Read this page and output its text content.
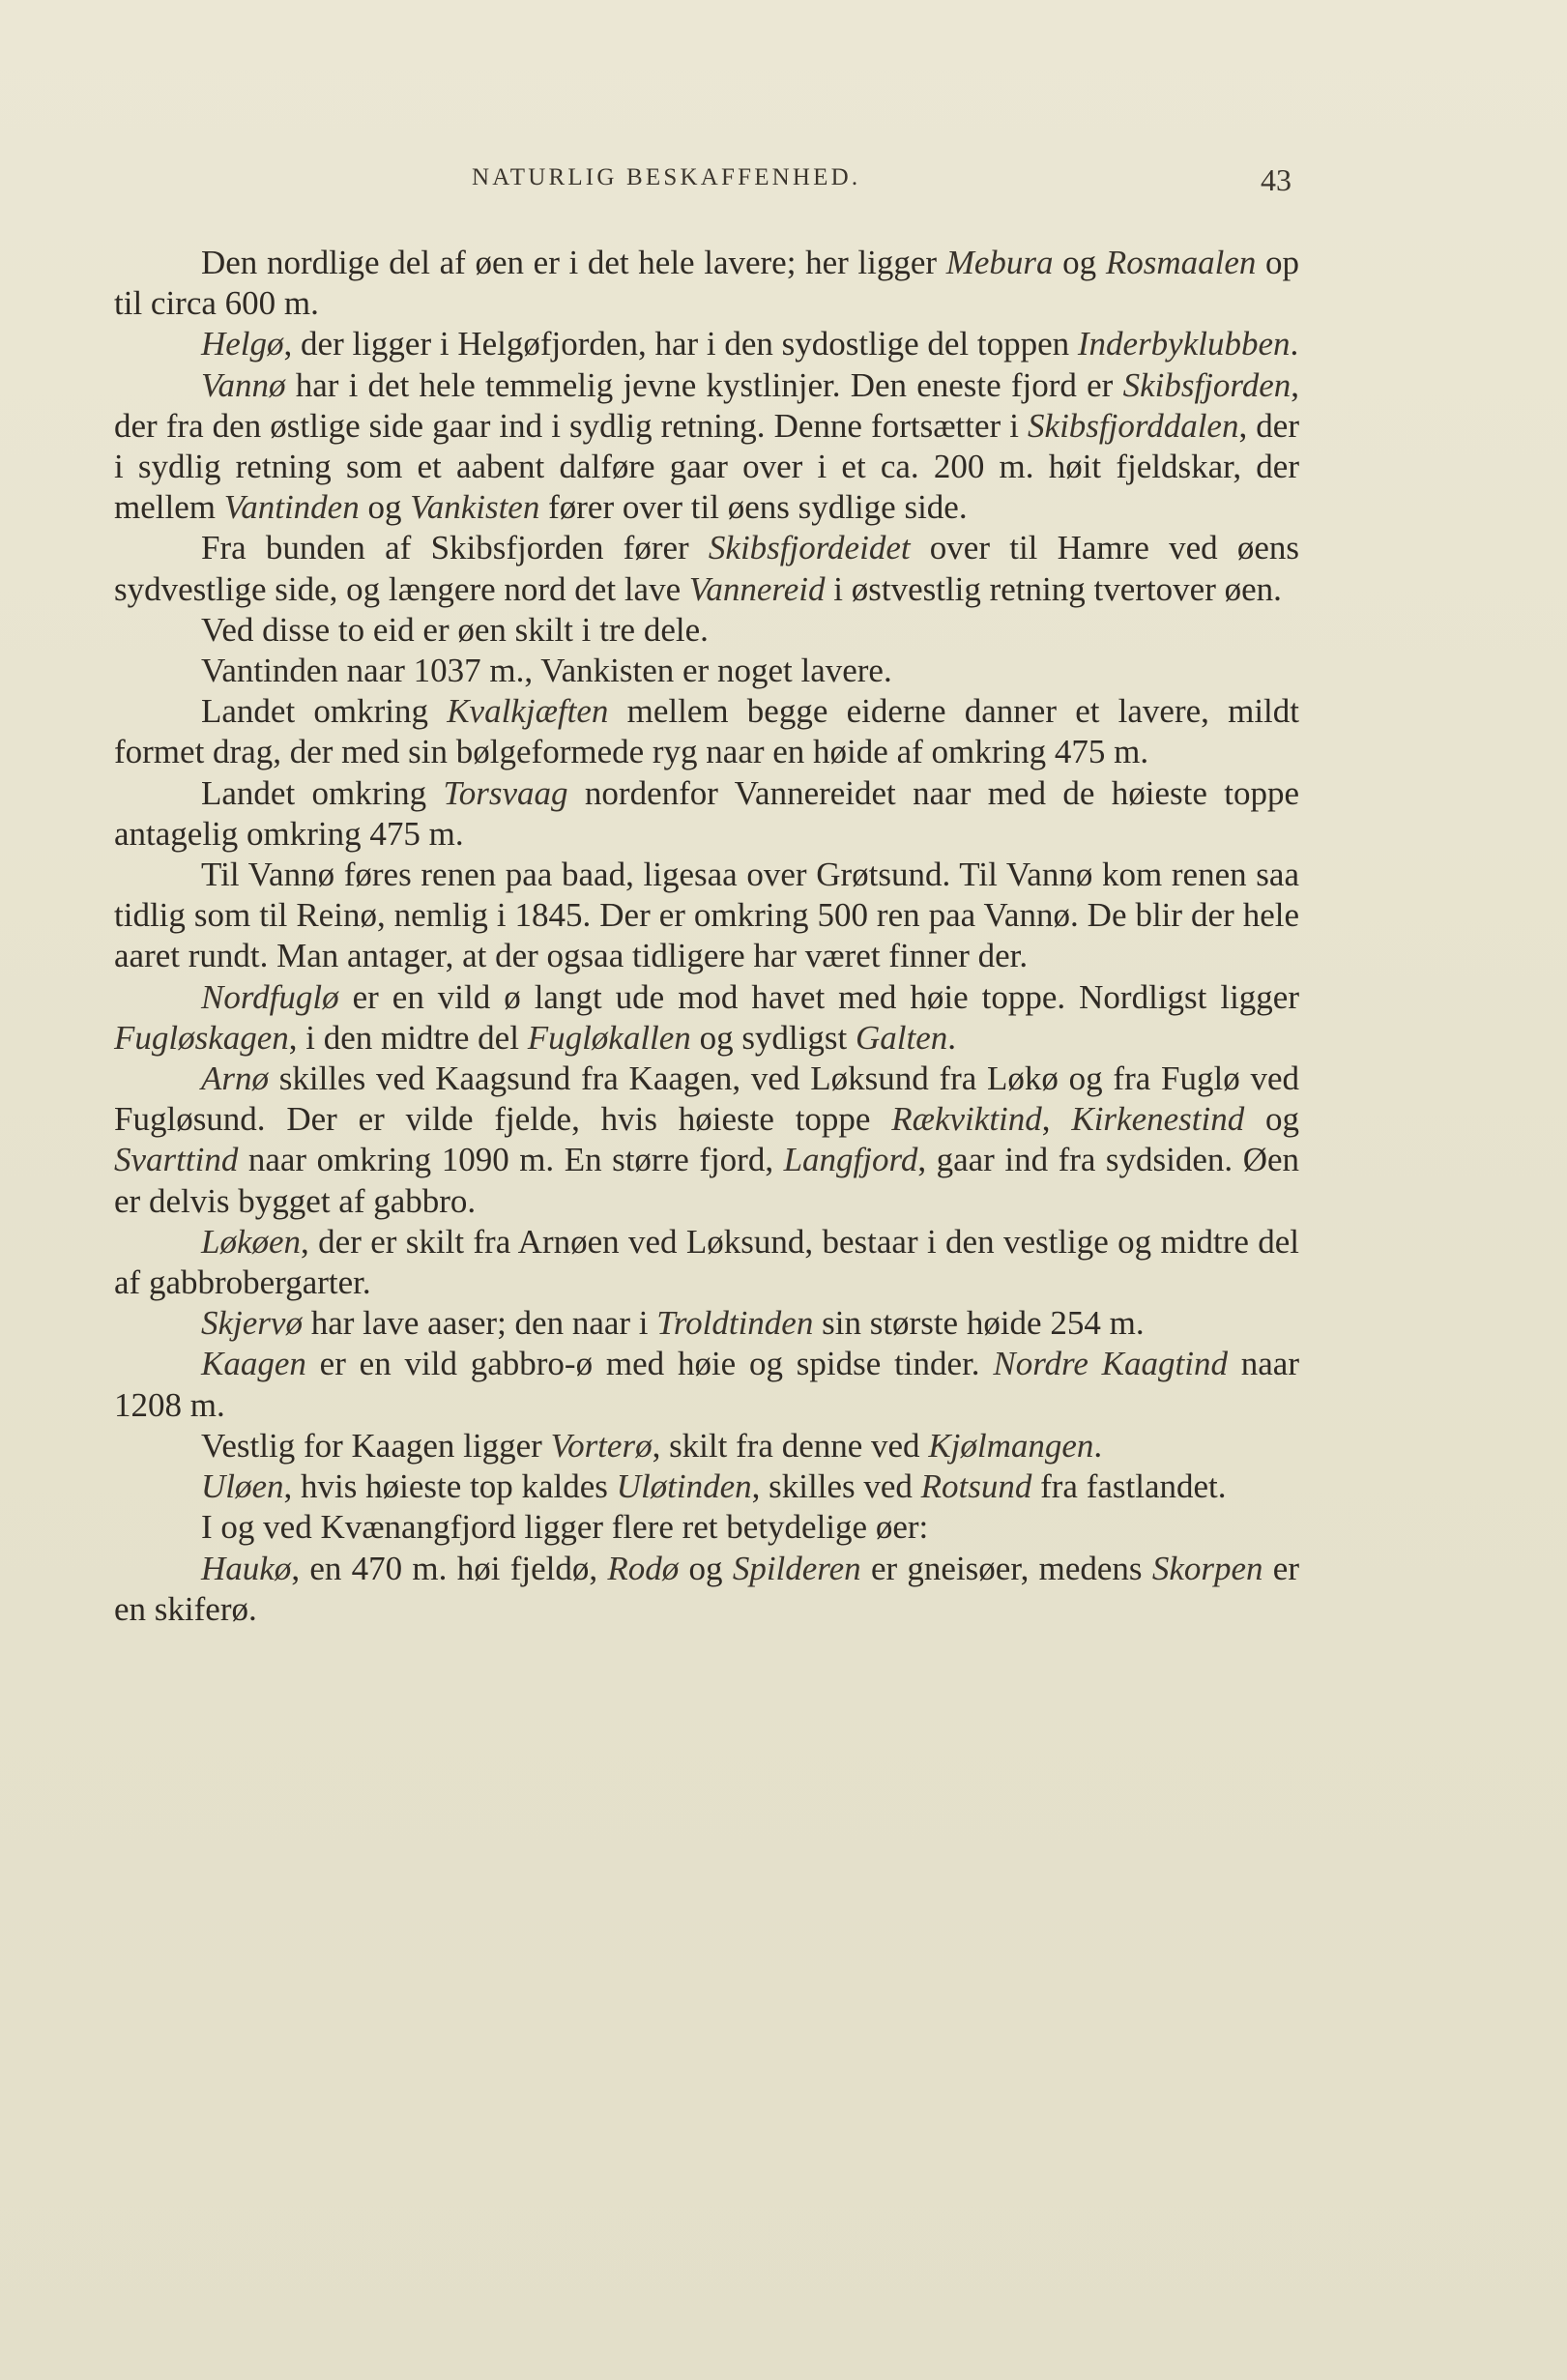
NATURLIG BESKAFFENHED.	43

Den nordlige del af øen er i det hele lavere; her ligger Mebura og Rosmaalen op til circa 600 m.

Helgø, der ligger i Helgøfjorden, har i den sydostlige del toppen Inderbyklubben.

Vannø har i det hele temmelig jevne kystlinjer. Den eneste fjord er Skibsfjorden, der fra den østlige side gaar ind i sydlig retning. Denne fortsætter i Skibsfjorddalen, der i sydlig retning som et aabent dalføre gaar over i et ca. 200 m. høit fjeldskar, der mellem Vantinden og Vankisten fører over til øens sydlige side.

Fra bunden af Skibsfjorden fører Skibsfjordeidet over til Hamre ved øens sydvestlige side, og længere nord det lave Vannereid i østvestlig retning tvertover øen.

Ved disse to eid er øen skilt i tre dele.

Vantinden naar 1037 m., Vankisten er noget lavere.

Landet omkring Kvalkjæften mellem begge eiderne danner et lavere, mildt formet drag, der med sin bølgeformede ryg naar en høide af omkring 475 m.

Landet omkring Torsvaag nordenfor Vannereidet naar med de høieste toppe antagelig omkring 475 m.

Til Vannø føres renen paa baad, ligesaa over Grøtsund. Til Vannø kom renen saa tidlig som til Reinø, nemlig i 1845. Der er omkring 500 ren paa Vannø. De blir der hele aaret rundt. Man antager, at der ogsaa tidligere har været finner der.

Nordfuglø er en vild ø langt ude mod havet med høie toppe. Nordligst ligger Fugløskagen, i den midtre del Fugløkallen og sydligst Galten.

Arnø skilles ved Kaagsund fra Kaagen, ved Løksund fra Løkø og fra Fuglø ved Fugløsund. Der er vilde fjelde, hvis høieste toppe Rækviktind, Kirkenestind og Svarttind naar omkring 1090 m. En større fjord, Langfjord, gaar ind fra sydsiden. Øen er delvis bygget af gabbro.

Løkøen, der er skilt fra Arnøen ved Løksund, bestaar i den vestlige og midtre del af gabbrobergarter.

Skjervø har lave aaser; den naar i Troldtinden sin største høide 254 m.

Kaagen er en vild gabbro-ø med høie og spidse tinder. Nordre Kaagtind naar 1208 m.

Vestlig for Kaagen ligger Vorterø, skilt fra denne ved Kjølmangen.

Uløen, hvis høieste top kaldes Uløtinden, skilles ved Rotsund fra fastlandet.

I og ved Kvænangfjord ligger flere ret betydelige øer:

Haukø, en 470 m. høi fjeldø, Rodø og Spilderen er gneisøer, medens Skorpen er en skiferø.
